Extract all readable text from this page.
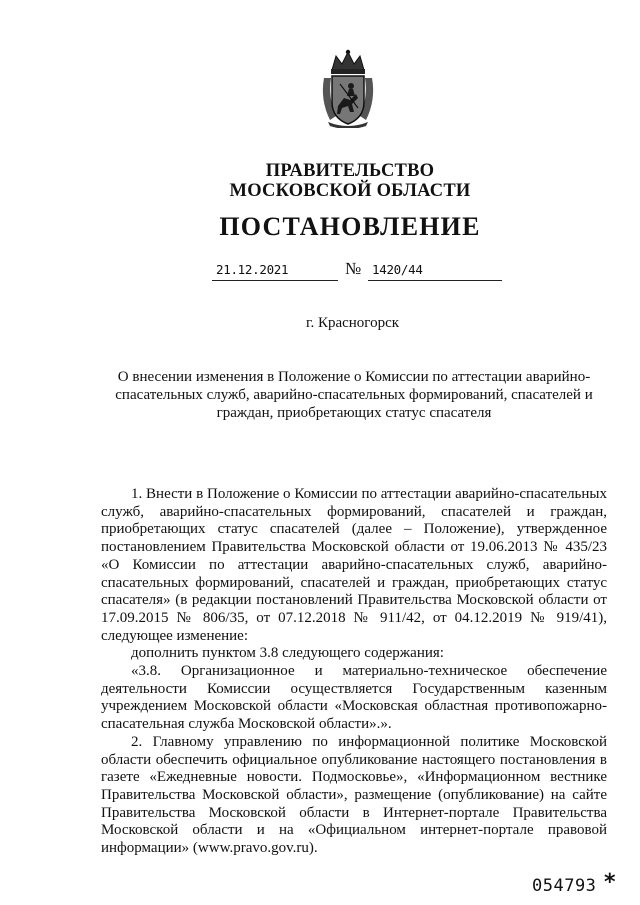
ПРАВИТЕЛЬСТВО
МОСКОВСКОЙ ОБЛАСТИ
ПОСТАНОВЛЕНИЕ
21.12.2021	№ 1420/44
г. Красногорск
О внесении изменения в Положение о Комиссии по аттестации аварийно-спасательных служб, аварийно-спасательных формирований, спасателей и граждан, приобретающих статус спасателя

1. Внести в Положение о Комиссии по аттестации аварийно-спасательных служб, аварийно-спасательных формирований, спасателей и граждан, приобретающих статус спасателей (далее – Положение), утвержденное постановлением Правительства Московской области от 19.06.2013 № 435/23 «О Комиссии по аттестации аварийно-спасательных служб, аварийно-спасательных формирований, спасателей и граждан, приобретающих статус спасателя» (в редакции постановлений Правительства Московской области от 17.09.2015 № 806/35, от 07.12.2018 № 911/42, от 04.12.2019 № 919/41), следующее изменение:

дополнить пунктом 3.8 следующего содержания:

«3.8. Организационное и материально-техническое обеспечение деятельности Комиссии осуществляется Государственным казенным учреждением Московской области «Московская областная противопожарно-спасательная служба Московской области».».

2. Главному управлению по информационной политике Московской области обеспечить официальное опубликование настоящего постановления в газете «Ежедневные новости. Подмосковье», «Информационном вестнике Правительства Московской области», размещение (опубликование) на сайте Правительства Московской области в Интернет-портале Правительства Московской области и на «Официальном интернет-портале правовой информации» (www.pravo.gov.ru).

054793 *
